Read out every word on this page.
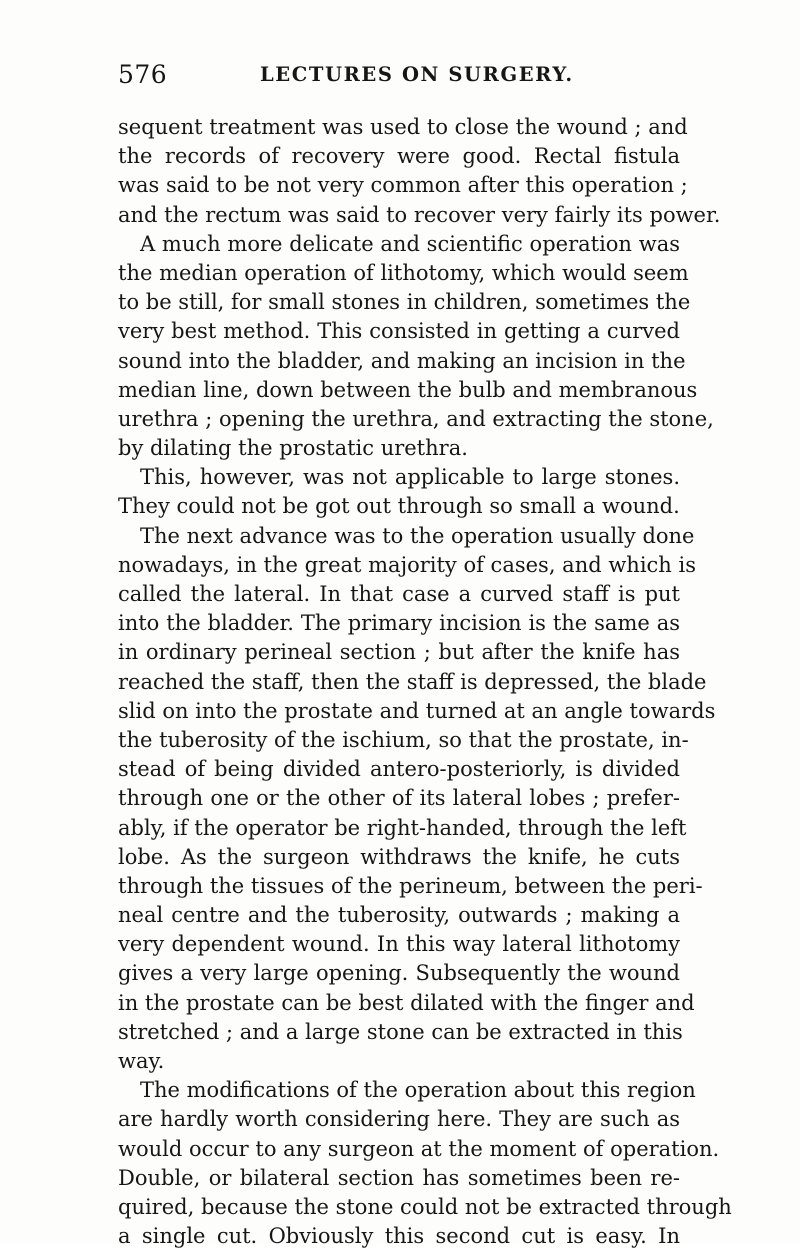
576	LECTURES ON SURGERY.
sequent treatment was used to close the wound ; and
the records of recovery were good. Rectal fistula
was said to be not very common after this operation ;
and the rectum was said to recover very fairly its power.
A much more delicate and scientific operation was
the median operation of lithotomy, which would seem
to be still, for small stones in children, sometimes the
very best method. This consisted in getting a curved
sound into the bladder, and making an incision in the
median line, down between the bulb and membranous
urethra ; opening the urethra, and extracting the stone,
by dilating the prostatic urethra.
This, however, was not applicable to large stones.
They could not be got out through so small a wound.
The next advance was to the operation usually done
nowadays, in the great majority of cases, and which is
called the lateral. In that case a curved staff is put
into the bladder. The primary incision is the same as
in ordinary perineal section ; but after the knife has
reached the staff, then the staff is depressed, the blade
slid on into the prostate and turned at an angle towards
the tuberosity of the ischium, so that the prostate, in-
stead of being divided antero-posteriorly, is divided
through one or the other of its lateral lobes ; prefer-
ably, if the operator be right-handed, through the left
lobe. As the surgeon withdraws the knife, he cuts
through the tissues of the perineum, between the peri-
neal centre and the tuberosity, outwards ; making a
very dependent wound. In this way lateral lithotomy
gives a very large opening. Subsequently the wound
in the prostate can be best dilated with the finger and
stretched ; and a large stone can be extracted in this
way.
The modifications of the operation about this region
are hardly worth considering here. They are such as
would occur to any surgeon at the moment of operation.
Double, or bilateral section has sometimes been re-
quired, because the stone could not be extracted through
a single cut. Obviously this second cut is easy. In
